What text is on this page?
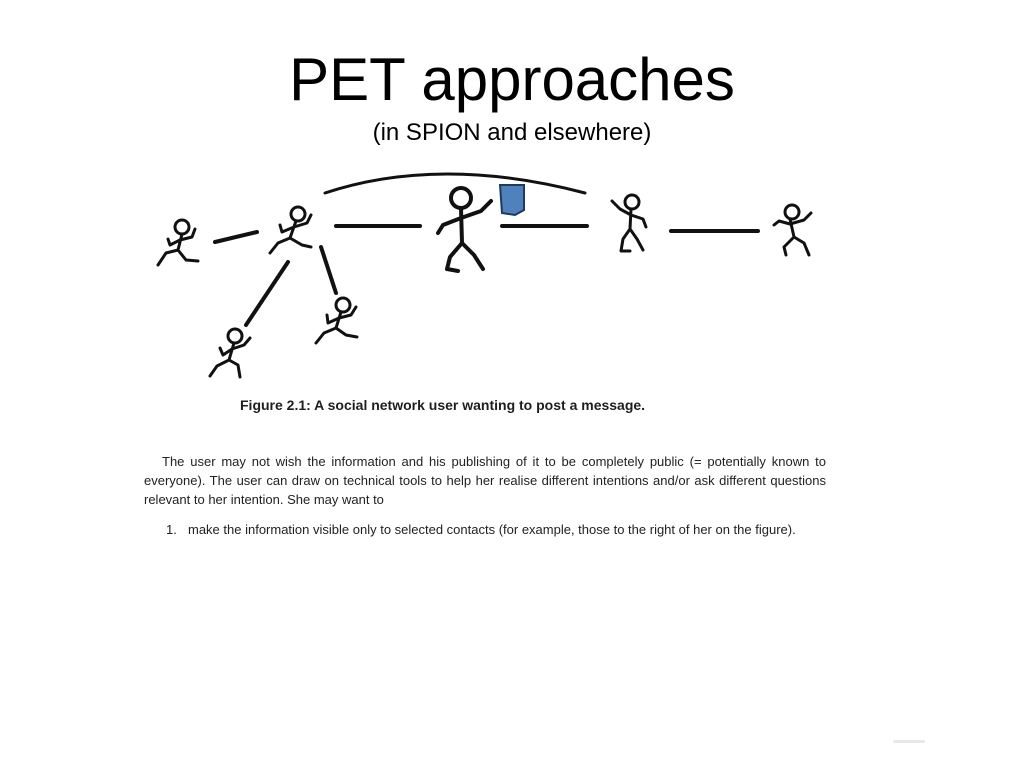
PET approaches
(in SPION and elsewhere)
Figure 2.1: A social network user wanting to post a message.

The user may not wish the information and his publishing of it to be completely public (= potentially known to everyone). The user can draw on technical tools to help her realise different intentions and/or ask different questions relevant to her intention. She may want to

1. make the information visible only to selected contacts (for example, those to the right of her on the figure).
